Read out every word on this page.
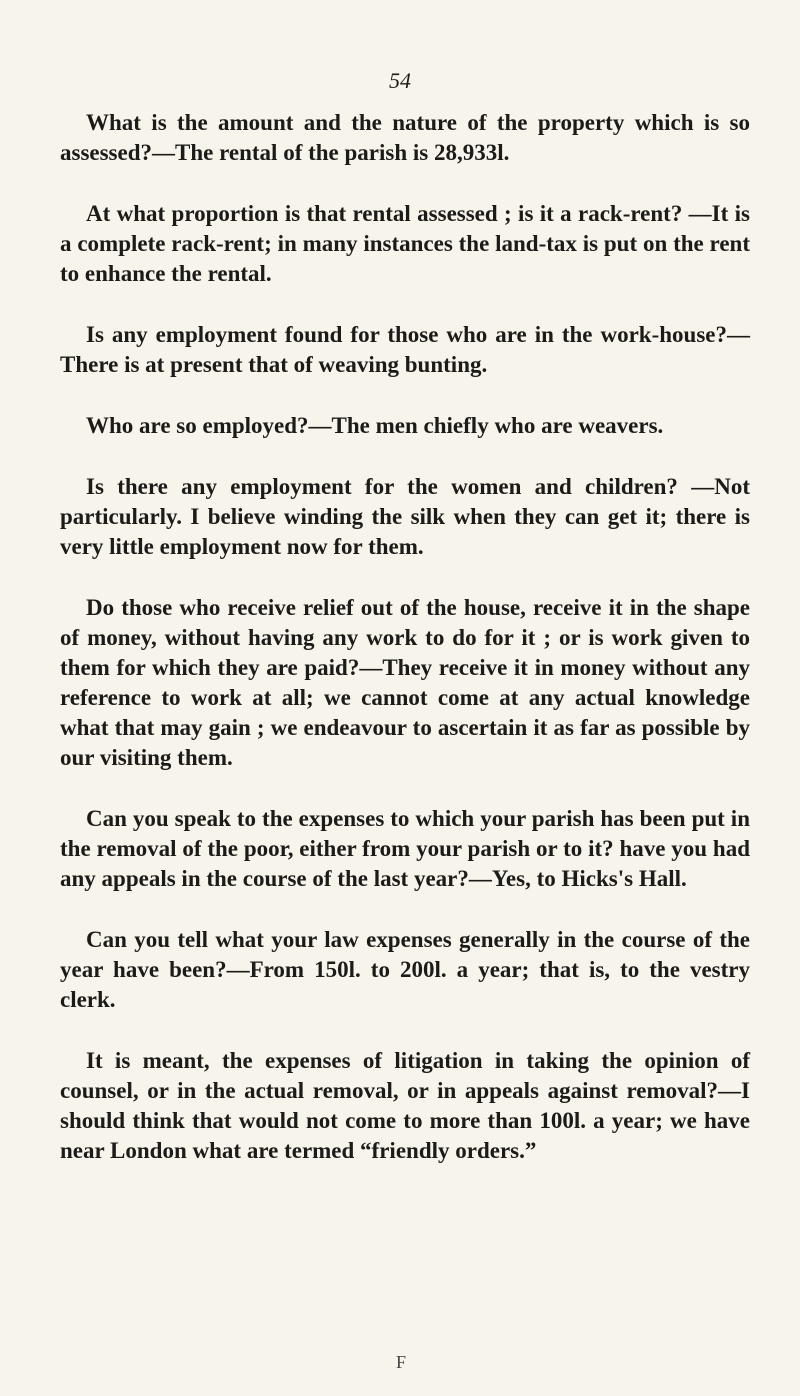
54

What is the amount and the nature of the property which is so assessed?—The rental of the parish is 28,933l.

At what proportion is that rental assessed ; is it a rack-rent? —It is a complete rack-rent; in many instances the land-tax is put on the rent to enhance the rental.

Is any employment found for those who are in the work-house?—There is at present that of weaving bunting.

Who are so employed?—The men chiefly who are weavers.

Is there any employment for the women and children? —Not particularly. I believe winding the silk when they can get it; there is very little employment now for them.

Do those who receive relief out of the house, receive it in the shape of money, without having any work to do for it ; or is work given to them for which they are paid?—They receive it in money without any reference to work at all; we cannot come at any actual knowledge what that may gain ; we endeavour to ascertain it as far as possible by our visiting them.

Can you speak to the expenses to which your parish has been put in the removal of the poor, either from your parish or to it? have you had any appeals in the course of the last year?—Yes, to Hicks's Hall.

Can you tell what your law expenses generally in the course of the year have been?—From 150l. to 200l. a year; that is, to the vestry clerk.

It is meant, the expenses of litigation in taking the opinion of counsel, or in the actual removal, or in appeals against removal?—I should think that would not come to more than 100l. a year; we have near London what are termed “friendly orders.”

F
